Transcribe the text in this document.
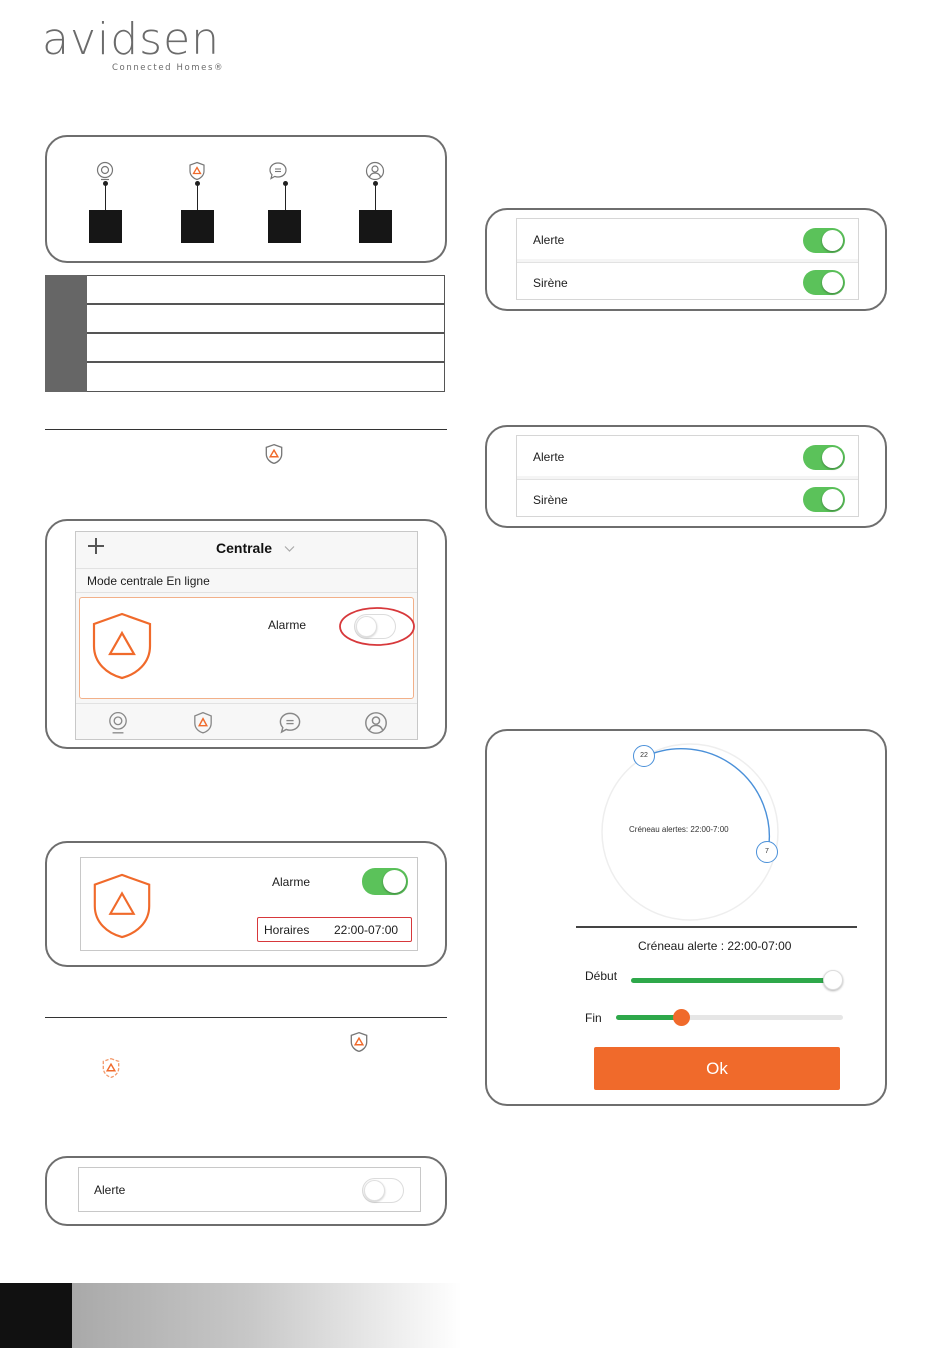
avidsen
Connected Homes®
Centrale
Mode centrale En ligne
Alarme
Alarme
Horaires 22:00-07:00
Alerte
Alerte
Sirène
Alerte
Sirène
22
7
Créneau alertes: 22:00-7:00
Créneau alerte : 22:00-07:00
Début
Fin
Ok
